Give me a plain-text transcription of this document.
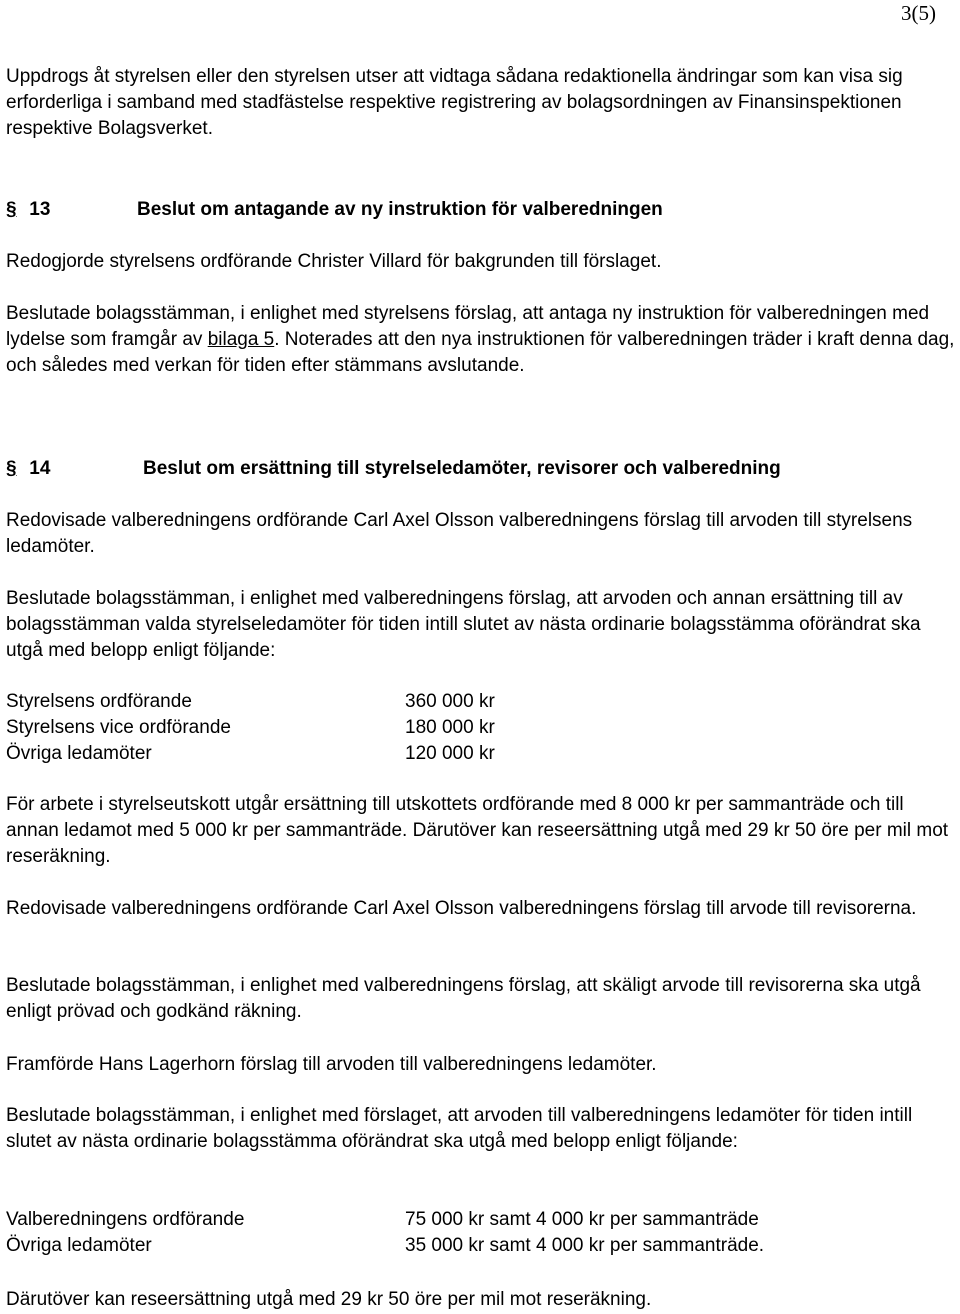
3(5)

Uppdrogs åt styrelsen eller den styrelsen utser att vidtaga sådana redaktionella ändringar som kan visa sig erforderliga i samband med stadfästelse respektive registrering av bolagsordningen av Finansinspektionen respektive Bolagsverket.

§ 13	Beslut om antagande av ny instruktion för valberedningen

Redogjorde styrelsens ordförande Christer Villard för bakgrunden till förslaget.

Beslutade bolagsstämman, i enlighet med styrelsens förslag, att antaga ny instruktion för valberedningen med lydelse som framgår av bilaga 5. Noterades att den nya instruktionen för valberedningen träder i kraft denna dag, och således med verkan för tiden efter stämmans avslutande.

§ 14	Beslut om ersättning till styrelseledamöter, revisorer och valberedning

Redovisade valberedningens ordförande Carl Axel Olsson valberedningens förslag till arvoden till styrelsens ledamöter.

Beslutade bolagsstämman, i enlighet med valberedningens förslag, att arvoden och annan ersättning till av bolagsstämman valda styrelseledamöter för tiden intill slutet av nästa ordinarie bolagsstämma oförändrat ska utgå med belopp enligt följande:

Styrelsens ordförande	360 000 kr
Styrelsens vice ordförande	180 000 kr
Övriga ledamöter	120 000 kr

För arbete i styrelseutskott utgår ersättning till utskottets ordförande med 8 000 kr per sammanträde och till annan ledamot med 5 000 kr per sammanträde. Därutöver kan reseersättning utgå med 29 kr 50 öre per mil mot reseräkning.

Redovisade valberedningens ordförande Carl Axel Olsson valberedningens förslag till arvode till revisorerna.

Beslutade bolagsstämman, i enlighet med valberedningens förslag, att skäligt arvode till revisorerna ska utgå enligt prövad och godkänd räkning.

Framförde Hans Lagerhorn förslag till arvoden till valberedningens ledamöter.

Beslutade bolagsstämman, i enlighet med förslaget, att arvoden till valberedningens ledamöter för tiden intill slutet av nästa ordinarie bolagsstämma oförändrat ska utgå med belopp enligt följande:

Valberedningens ordförande	75 000 kr samt 4 000 kr per sammanträde
Övriga ledamöter	35 000 kr samt 4 000 kr per sammanträde.

Därutöver kan reseersättning utgå med 29 kr 50 öre per mil mot reseräkning.
